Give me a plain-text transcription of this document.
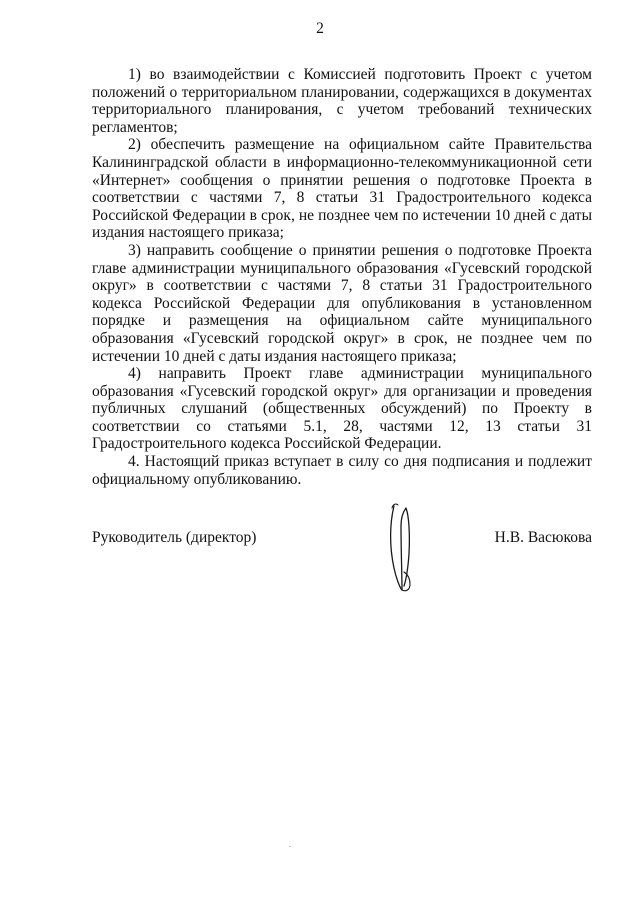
2

1) во взаимодействии с Комиссией подготовить Проект с учетом положений о территориальном планировании, содержащихся в документах территориального планирования, с учетом требований технических регламентов;

2) обеспечить размещение на официальном сайте Правительства Калининградской области в информационно-телекоммуникационной сети «Интернет» сообщения о принятии решения о подготовке Проекта в соответствии с частями 7, 8 статьи 31 Градостроительного кодекса Российской Федерации в срок, не позднее чем по истечении 10 дней с даты издания настоящего приказа;

3) направить сообщение о принятии решения о подготовке Проекта главе администрации муниципального образования «Гусевский городской округ» в соответствии с частями 7, 8 статьи 31 Градостроительного кодекса Российской Федерации для опубликования в установленном порядке и размещения на официальном сайте муниципального образования «Гусевский городской округ» в срок, не позднее чем по истечении 10 дней с даты издания настоящего приказа;

4) направить Проект главе администрации муниципального образования «Гусевский городской округ» для организации и проведения публичных слушаний (общественных обсуждений) по Проекту в соответствии со статьями 5.1, 28, частями 12, 13 статьи 31 Градостроительного кодекса Российской Федерации.

4. Настоящий приказ вступает в силу со дня подписания и подлежит официальному опубликованию.

Руководитель (директор)	Н.В. Васюкова
